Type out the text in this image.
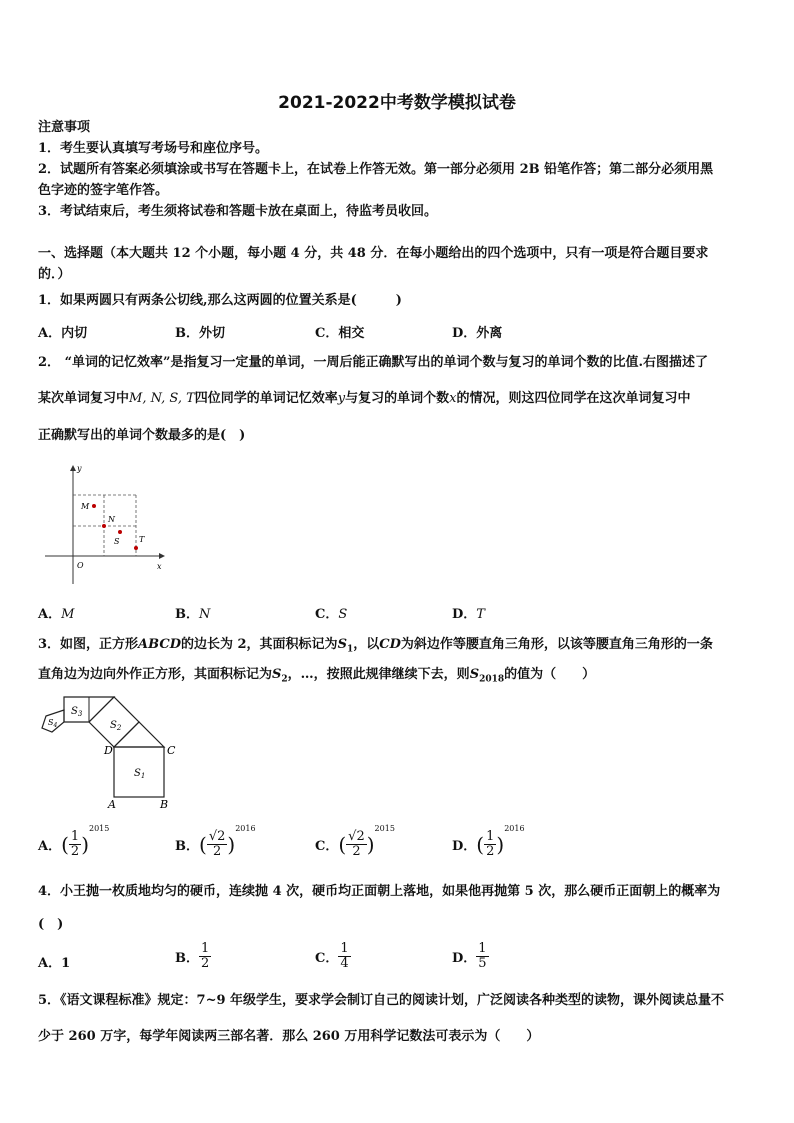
2021-2022中考数学模拟试卷
注意事项
1．考生要认真填写考场号和座位序号。
2．试题所有答案必须填涂或书写在答题卡上，在试卷上作答无效。第一部分必须用 2B 铅笔作答；第二部分必须用黑
色字迹的签字笔作答。
3．考试结束后，考生须将试卷和答题卡放在桌面上，待监考员收回。
一、选择题（本大题共 12 个小题，每小题 4 分，共 48 分．在每小题给出的四个选项中，只有一项是符合题目要求
的．）
1．如果两圆只有两条公切线,那么这两圆的位置关系是(　　　)
A．内切	B．外切	C．相交	D．外离
2． “单词的记忆效率”是指复习一定量的单词，一周后能正确默写出的单词个数与复习的单词个数的比值.右图描述了
某次单词复习中M, N, S, T四位同学的单词记忆效率y与复习的单词个数x的情况，则这四位同学在这次单词复习中
正确默写出的单词个数最多的是(　)
y
x
O
M
N
S T
A．M	B．N	C．S	D．T
3．如图，正方形ABCD的边长为 2，其面积标记为$S_1$，以CD为斜边作等腰直角三角形，以该等腰直角三角形的一条
直角边为边向外作正方形，其面积标记为$S_2$，…，按照此规律继续下去，则$S_{2018}$的值为（　　）
$S_1$
$S_2$
$S_3$
$S_4$
A	B
C
D
A．( $\frac{1}{2} )^{2015}$
B．( $\frac{√2}{2} )^{2016}$
C．( $\frac{√2}{2} )^{2015}$
D．( $\frac{1}{2} )^{2016}$
4．小王抛一枚质地均匀的硬币，连续抛 4 次，硬币均正面朝上落地，如果他再抛第 5 次，那么硬币正面朝上的概率为
(　)
A．1	B． $\frac{1}{2}$	C． $\frac{1}{4}$	D． $\frac{1}{5}$
5．《语文课程标准》规定：7~9 年级学生，要求学会制订自己的阅读计划，广泛阅读各种类型的读物，课外阅读总量不
少于 260 万字，每学年阅读两三部名著．那么 260 万用科学记数法可表示为（　　）
